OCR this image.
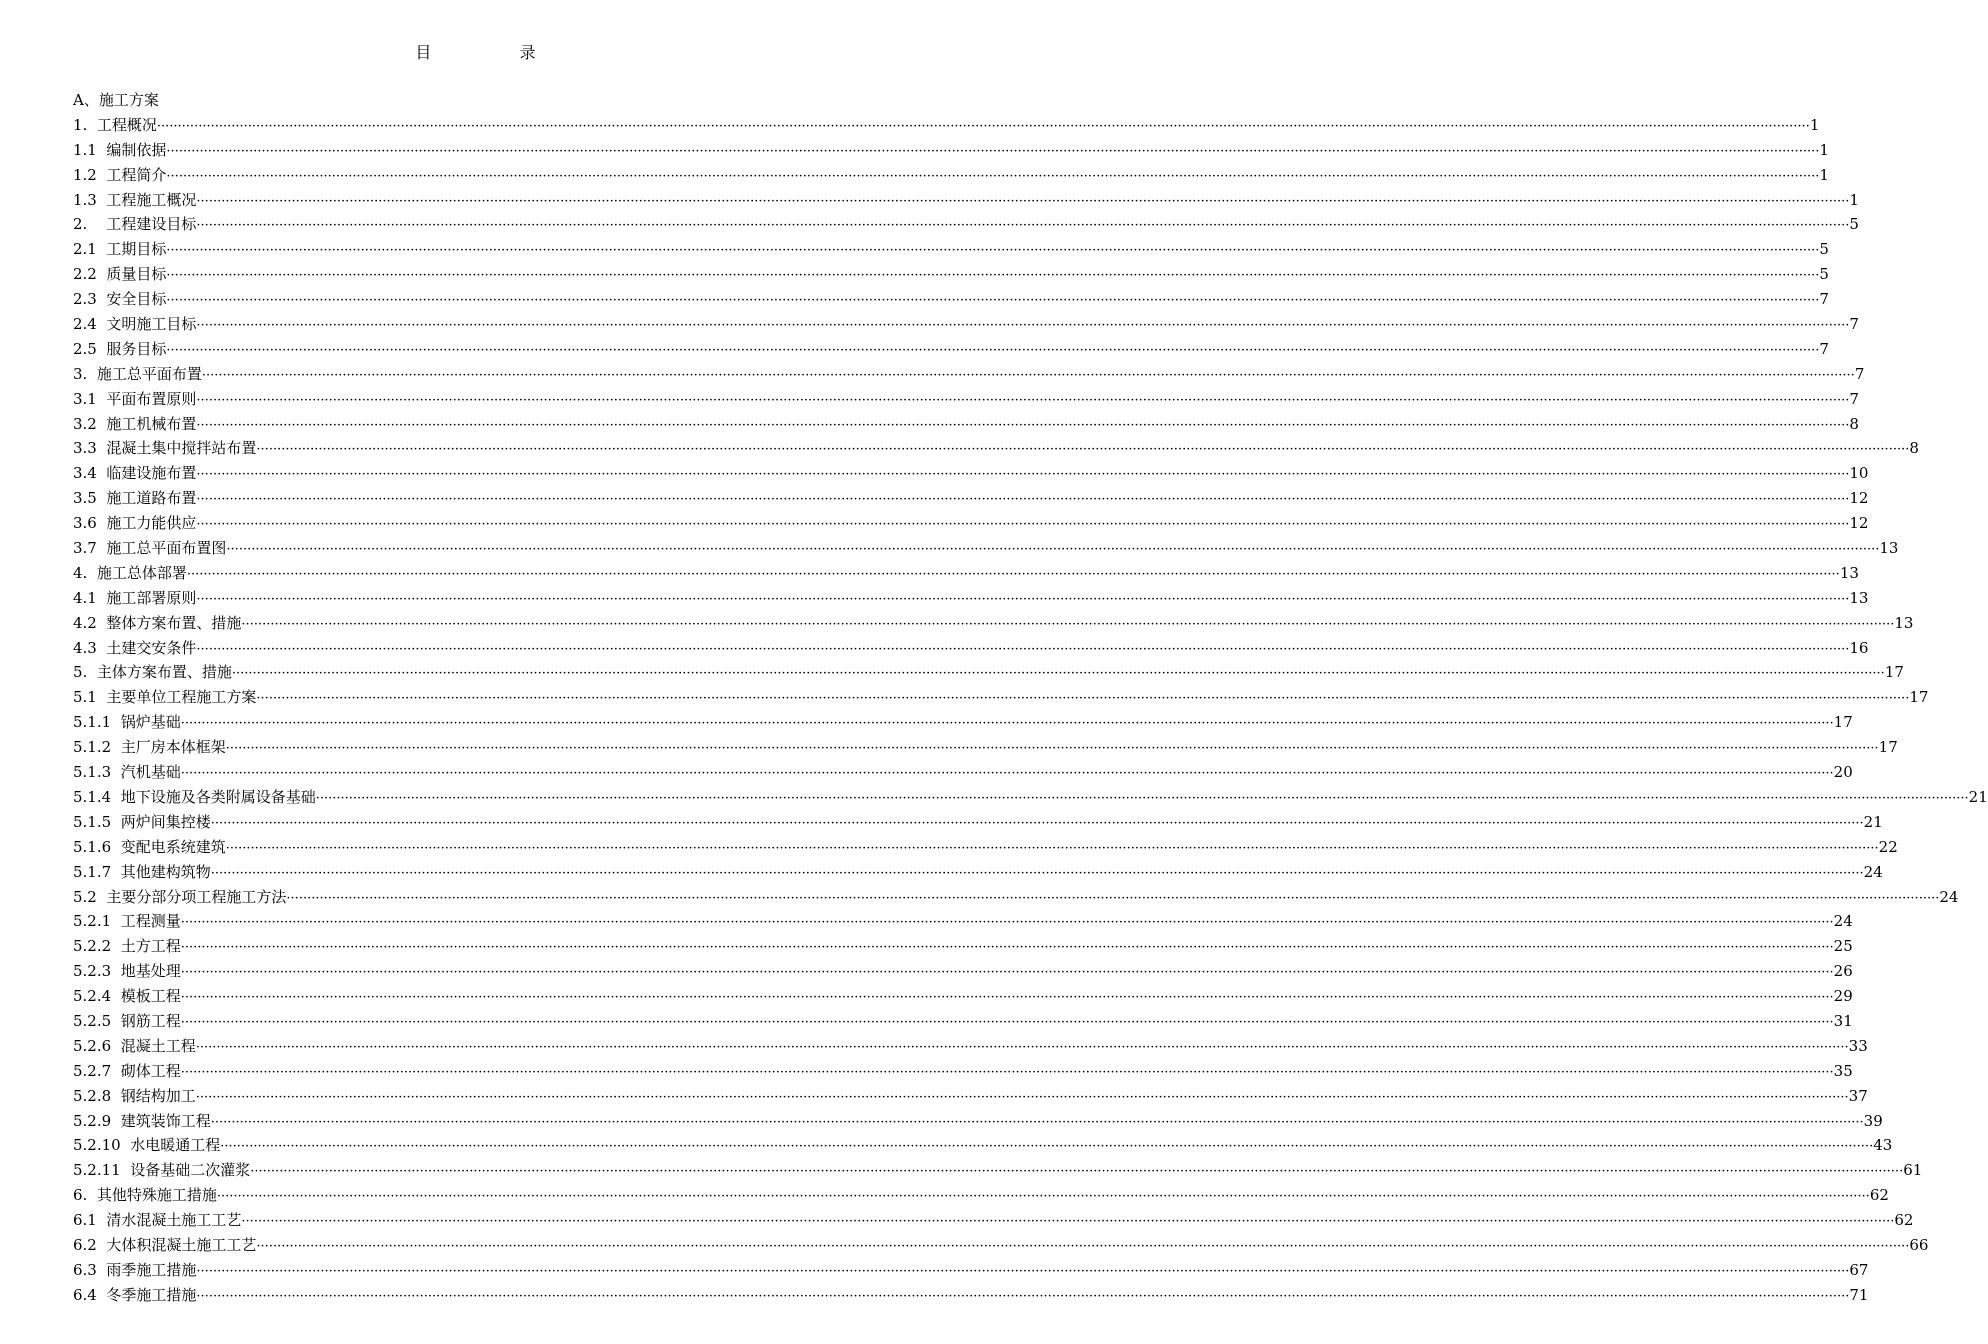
目  录
A、 施工方案
1. 工程概况 ················································································································································································································································································································································································································ 1
1.1 编制依据 ················································································································································································································································································································································································································ 1
1.2 工程简介 ················································································································································································································································································································································································································ 1
1.3 工程施工概况 ················································································································································································································································································································································································································ 1
2. 工程建设目标 ················································································································································································································································································································································································································ 5
2.1 工期目标 ················································································································································································································································································································································································································ 5
2.2 质量目标 ················································································································································································································································································································································································································ 5
2.3 安全目标 ················································································································································································································································································································································································································ 7
2.4 文明施工目标 ················································································································································································································································································································································································································ 7
2.5 服务目标 ················································································································································································································································································································································································································ 7
3. 施工总平面布置 ················································································································································································································································································································································································································ 7
3.1 平面布置原则 ················································································································································································································································································································································································································ 7
3.2 施工机械布置 ················································································································································································································································································································································································································ 8
3.3 混凝土集中搅拌站布置 ················································································································································································································································································································································································································ 8
3.4 临建设施布置 ················································································································································································································································································································································································································ 10
3.5 施工道路布置 ················································································································································································································································································································································································································ 12
3.6 施工力能供应 ················································································································································································································································································································································································································ 12
3.7 施工总平面布置图 ················································································································································································································································································································································································································ 13
4. 施工总体部署 ················································································································································································································································································································································································································ 13
4.1 施工部署原则 ················································································································································································································································································································································································································ 13
4.2 整体方案布置、措施 ················································································································································································································································································································································································································ 13
4.3 土建交安条件 ················································································································································································································································································································································································································ 16
5. 主体方案布置、措施 ················································································································································································································································································································································································································ 17
5.1 主要单位工程施工方案 ················································································································································································································································································································································································································ 17
5.1.1 锅炉基础 ················································································································································································································································································································································································································ 17
5.1.2 主厂房本体框架 ················································································································································································································································································································································································································ 17
5.1.3 汽机基础 ················································································································································································································································································································································································································ 20
5.1.4 地下设施及各类附属设备基础 ················································································································································································································································································································································································································ 21
5.1.5 两炉间集控楼 ················································································································································································································································································································································································································ 21
5.1.6 变配电系统建筑 ················································································································································································································································································································································································································ 22
5.1.7 其他建构筑物 ················································································································································································································································································································································································································ 24
5.2 主要分部分项工程施工方法 ················································································································································································································································································································································································································ 24
5.2.1 工程测量 ················································································································································································································································································································································································································ 24
5.2.2 土方工程 ················································································································································································································································································································································································································ 25
5.2.3 地基处理 ················································································································································································································································································································································································································ 26
5.2.4 模板工程 ················································································································································································································································································································································································································ 29
5.2.5 钢筋工程 ················································································································································································································································································································································································································ 31
5.2.6 混凝土工程 ················································································································································································································································································································································································································ 33
5.2.7 砌体工程 ················································································································································································································································································································································································································ 35
5.2.8 钢结构加工 ················································································································································································································································································································································································································ 37
5.2.9 建筑装饰工程 ················································································································································································································································································································································································································ 39
5.2.10 水电暖通工程 ················································································································································································································································································································································································································ 43
5.2.11 设备基础二次灌浆 ················································································································································································································································································································································································································ 61
6. 其他特殊施工措施 ················································································································································································································································································································································································································ 62
6.1 清水混凝土施工工艺 ················································································································································································································································································································································································································ 62
6.2 大体积混凝土施工工艺 ················································································································································································································································································································································································································ 66
6.3 雨季施工措施 ················································································································································································································································································································································································································ 67
6.4 冬季施工措施 ················································································································································································································································································································································································································ 71
